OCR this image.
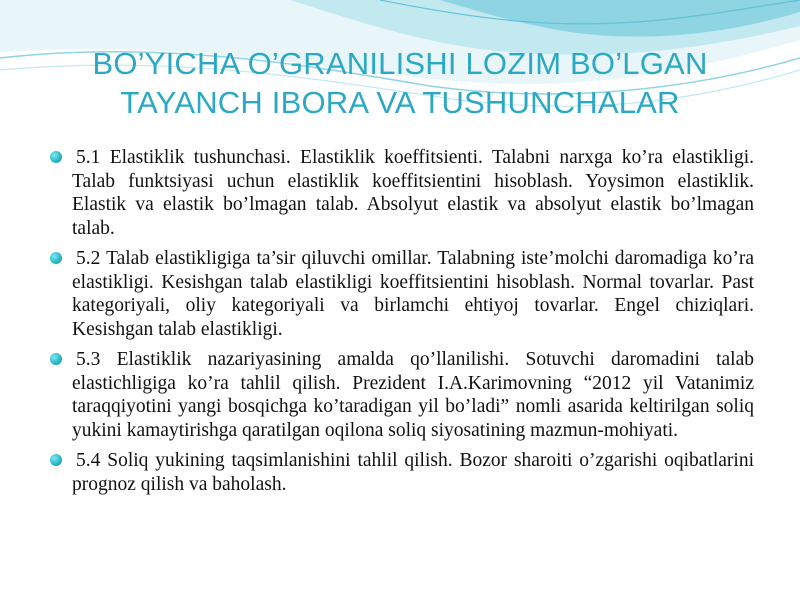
BO’YICHA O’GRANILISHI LOZIM BO’LGAN
TAYANCH IBORA VA TUSHUNCHALAR

5.1 Elastiklik tushunchasi. Elastiklik koeffitsienti. Talabni narxga ko’ra elastikligi. Talab funktsiyasi uchun elastiklik koeffitsientini hisoblash. Yoysimon elastiklik. Elastik va elastik bo’lmagan talab. Absolyut elastik va absolyut elastik bo’lmagan talab.

5.2 Talab elastikligiga ta’sir qiluvchi omillar. Talabning iste’molchi daromadiga ko’ra elastikligi. Kesishgan talab elastikligi koeffitsientini hisoblash. Normal tovarlar. Past kategoriyali, oliy kategoriyali va birlamchi ehtiyoj tovarlar. Engel chiziqlari. Kesishgan talab elastikligi.

5.3 Elastiklik nazariyasining amalda qo’llanilishi. Sotuvchi daromadini talab elastichligiga ko’ra tahlil qilish. Prezident I.A.Karimovning “2012 yil Vatanimiz taraqqiyotini yangi bosqichga ko’taradigan yil bo’ladi” nomli asarida keltirilgan soliq yukini kamaytirishga qaratilgan oqilona soliq siyosatining mazmun-mohiyati.

5.4 Soliq yukining taqsimlanishini tahlil qilish. Bozor sharoiti o’zgarishi oqibatlarini prognoz qilish va baholash.
